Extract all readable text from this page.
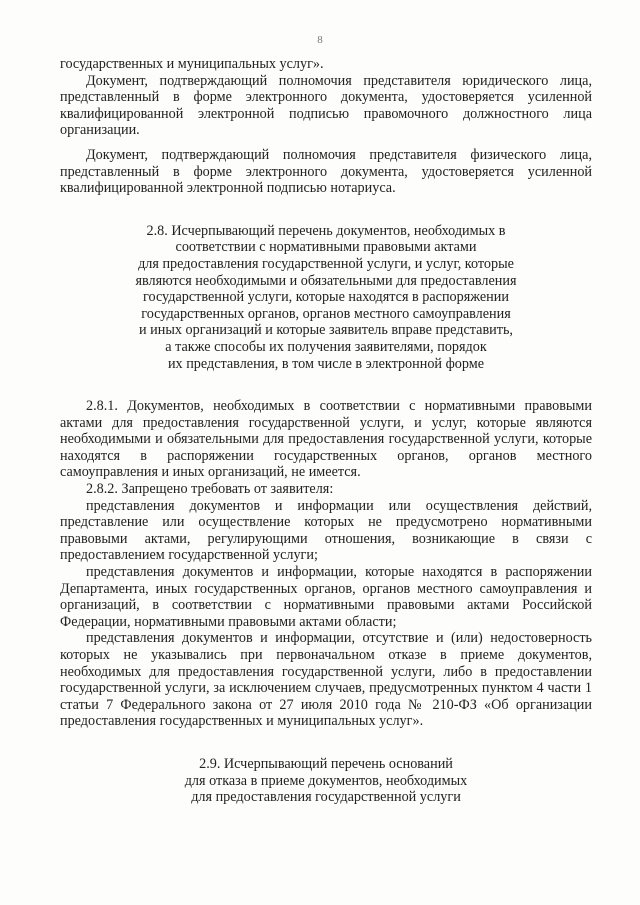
8

государственных и муниципальных услуг».

Документ, подтверждающий полномочия представителя юридического лица, представленный в форме электронного документа, удостоверяется усиленной квалифицированной электронной подписью правомочного должностного лица организации.

Документ, подтверждающий полномочия представителя физического лица, представленный в форме электронного документа, удостоверяется усиленной квалифицированной электронной подписью нотариуса.

2.8. Исчерпывающий перечень документов, необходимых в
соответствии с нормативными правовыми актами
для предоставления государственной услуги, и услуг, которые
являются необходимыми и обязательными для предоставления
государственной услуги, которые находятся в распоряжении
государственных органов, органов местного самоуправления
и иных организаций и которые заявитель вправе представить,
а также способы их получения заявителями, порядок
их представления, в том числе в электронной форме

2.8.1. Документов, необходимых в соответствии с нормативными правовыми актами для предоставления государственной услуги, и услуг, которые являются необходимыми и обязательными для предоставления государственной услуги, которые находятся в распоряжении государственных органов, органов местного самоуправления и иных организаций, не имеется.

2.8.2. Запрещено требовать от заявителя:

представления документов и информации или осуществления действий, представление или осуществление которых не предусмотрено нормативными правовыми актами, регулирующими отношения, возникающие в связи с предоставлением государственной услуги;

представления документов и информации, которые находятся в распоряжении Департамента, иных государственных органов, органов местного самоуправления и организаций, в соответствии с нормативными правовыми актами Российской Федерации, нормативными правовыми актами области;

представления документов и информации, отсутствие и (или) недостоверность которых не указывались при первоначальном отказе в приеме документов, необходимых для предоставления государственной услуги, либо в предоставлении государственной услуги, за исключением случаев, предусмотренных пунктом 4 части 1 статьи 7 Федерального закона от 27 июля 2010 года № 210-ФЗ «Об организации предоставления государственных и муниципальных услуг».

2.9. Исчерпывающий перечень оснований
для отказа в приеме документов, необходимых
для предоставления государственной услуги
